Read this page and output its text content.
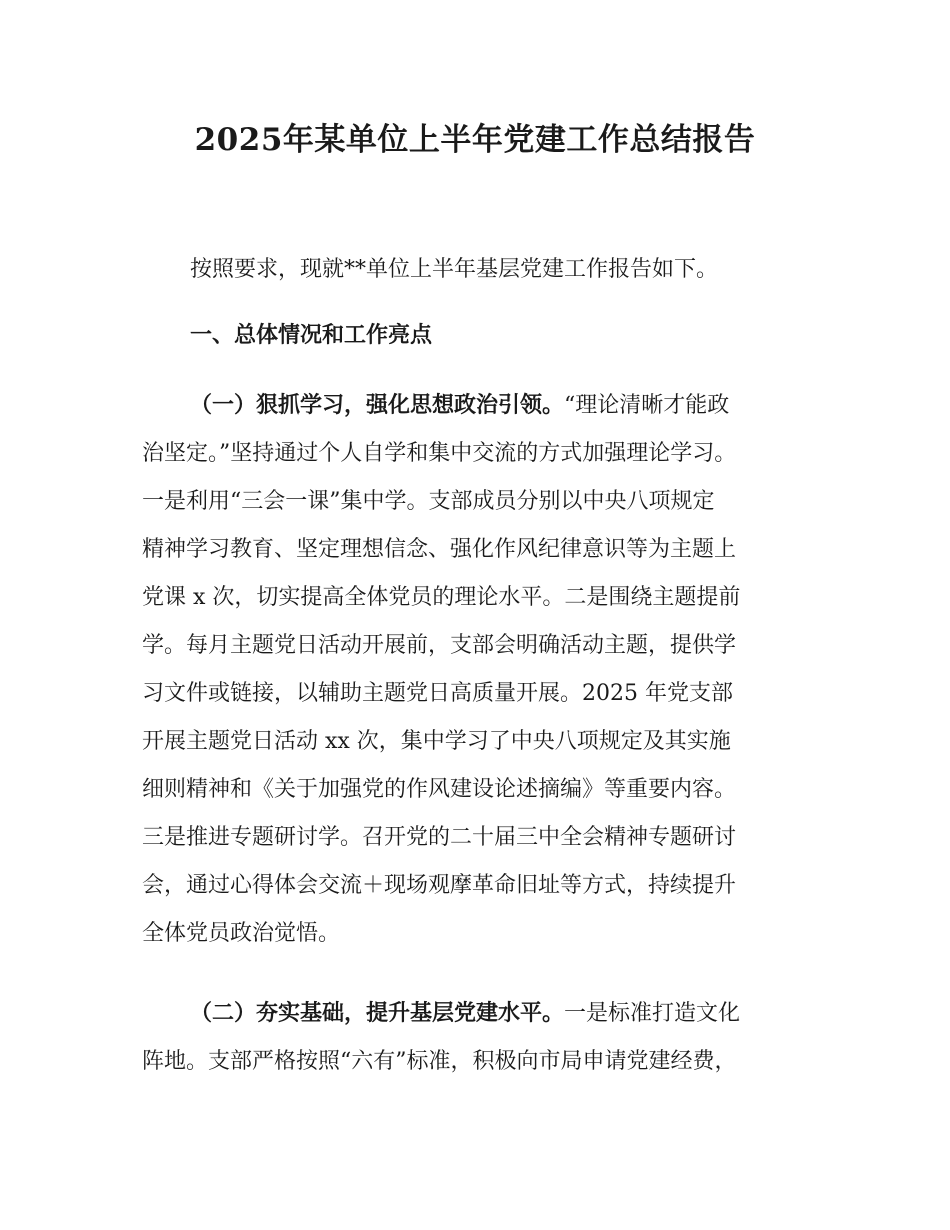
2025年某单位上半年党建工作总结报告
按照要求，现就**单位上半年基层党建工作报告如下。
一、总体情况和工作亮点
（一）狠抓学习，强化思想政治引领。“理论清晰才能政
治坚定。”坚持通过个人自学和集中交流的方式加强理论学习。
一是利用“三会一课”集中学。支部成员分别以中央八项规定
精神学习教育、坚定理想信念、强化作风纪律意识等为主题上
党课 x 次，切实提高全体党员的理论水平。二是围绕主题提前
学。每月主题党日活动开展前，支部会明确活动主题，提供学
习文件或链接，以辅助主题党日高质量开展。2025 年党支部
开展主题党日活动 xx 次，集中学习了中央八项规定及其实施
细则精神和《关于加强党的作风建设论述摘编》等重要内容。
三是推进专题研讨学。召开党的二十届三中全会精神专题研讨
会，通过心得体会交流＋现场观摩革命旧址等方式，持续提升
全体党员政治觉悟。
（二）夯实基础，提升基层党建水平。一是标准打造文化
阵地。支部严格按照“六有”标准，积极向市局申请党建经费，
